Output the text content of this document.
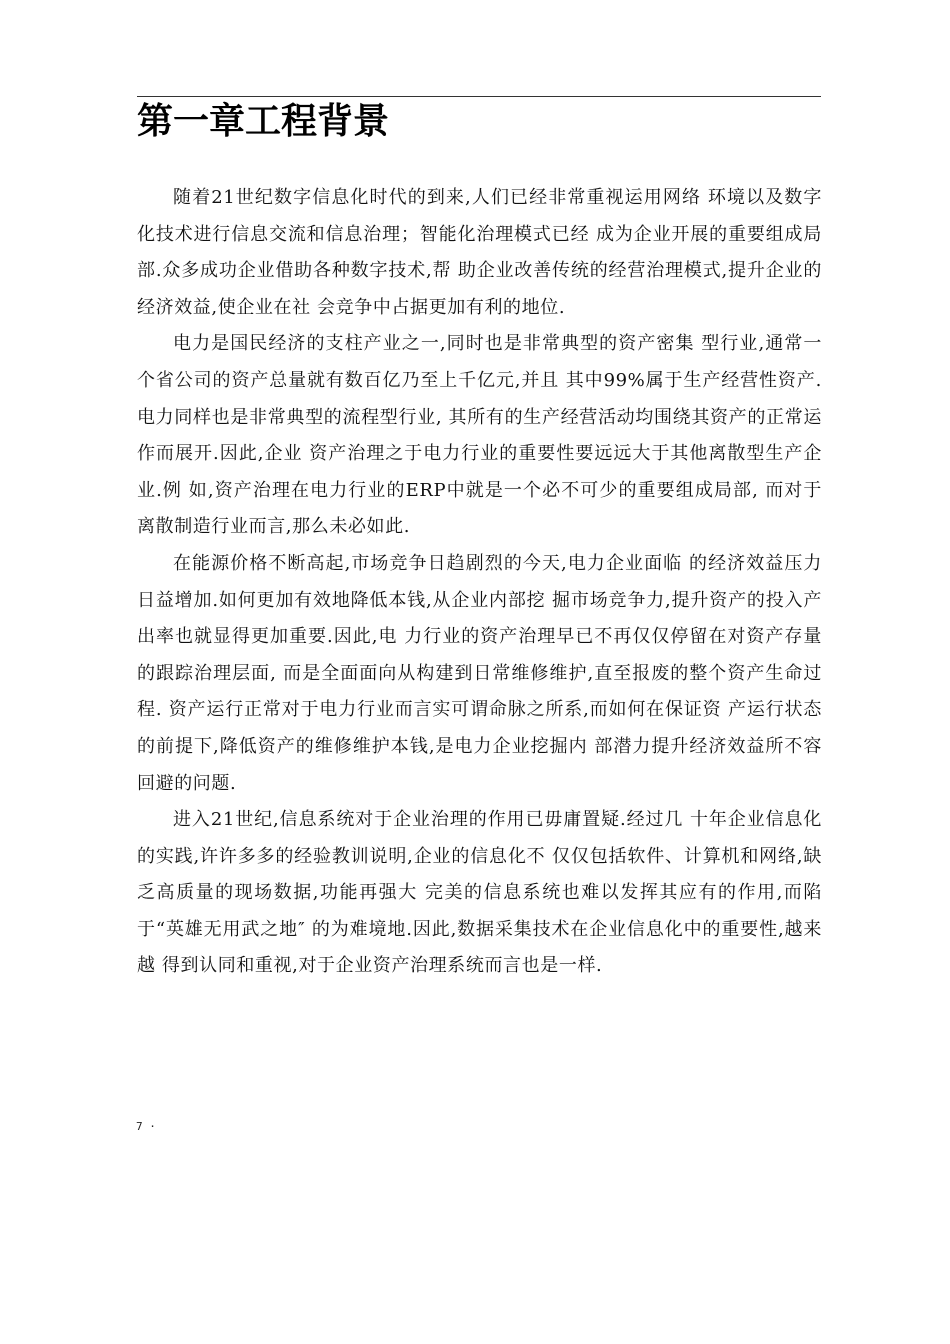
第一章工程背景

随着21世纪数字信息化时代的到来,人们已经非常重视运用网络 环境以及数字化技术进行信息交流和信息治理；智能化治理模式已经 成为企业开展的重要组成局部.众多成功企业借助各种数字技术,帮 助企业改善传统的经营治理模式,提升企业的经济效益,使企业在社 会竞争中占据更加有利的地位.

电力是国民经济的支柱产业之一,同时也是非常典型的资产密集 型行业,通常一个省公司的资产总量就有数百亿乃至上千亿元,并且 其中99%属于生产经营性资产.电力同样也是非常典型的流程型行业, 其所有的生产经营活动均围绕其资产的正常运作而展开.因此,企业 资产治理之于电力行业的重要性要远远大于其他离散型生产企业.例 如,资产治理在电力行业的ERP中就是一个必不可少的重要组成局部, 而对于离散制造行业而言,那么未必如此.

在能源价格不断高起,市场竞争日趋剧烈的今天,电力企业面临 的经济效益压力日益增加.如何更加有效地降低本钱,从企业内部挖 掘市场竞争力,提升资产的投入产出率也就显得更加重要.因此,电 力行业的资产治理早已不再仅仅停留在对资产存量的跟踪治理层面, 而是全面面向从构建到日常维修维护,直至报废的整个资产生命过程. 资产运行正常对于电力行业而言实可谓命脉之所系,而如何在保证资 产运行状态的前提下,降低资产的维修维护本钱,是电力企业挖掘内 部潜力提升经济效益所不容回避的问题.

进入21世纪,信息系统对于企业治理的作用已毋庸置疑.经过几 十年企业信息化的实践,许许多多的经验教训说明,企业的信息化不 仅仅包括软件、计算机和网络,缺乏高质量的现场数据,功能再强大 完美的信息系统也难以发挥其应有的作用,而陷于“英雄无用武之地″ 的为难境地.因此,数据采集技术在企业信息化中的重要性,越来越 得到认同和重视,对于企业资产治理系统而言也是一样.

7 ·
